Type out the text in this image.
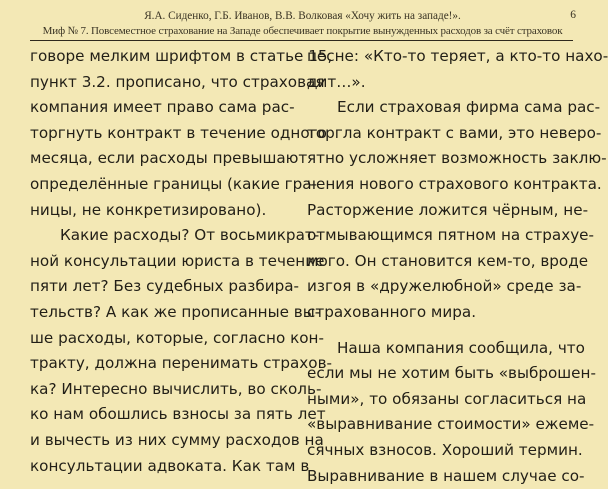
Я.А. Сиденко, Г.Б. Иванов, В.В. Волковая «Хочу жить на западе!».
Миф № 7. Повсеместное страхование на Западе обеспечивает покрытие вынужденных расходов за счёт страховок
6
говоре мелким шрифтом в статье 15,
пункт 3.2. прописано, что страховая
компания имеет право сама рас-
торгнуть контракт в течение одного
месяца, если расходы превышают
определённые границы (какие гра-
ницы, не конкретизировано).
Какие расходы? От восьмикрат-
ной консультации юриста в течение
пяти лет? Без судебных разбира-
тельств? А как же прописанные вы-
ше расходы, которые, согласно кон-
тракту, должна перенимать страхов-
ка? Интересно вычислить, во сколь-
ко нам обошлись взносы за пять лет
и вычесть из них сумму расходов на
консультации адвоката. Как там в
песне: «Кто-то теряет, а кто-то нахо-
дит…».
Если страховая фирма сама рас-
торгла контракт с вами, это неверо-
ятно усложняет возможность заклю-
чения нового страхового контракта.
Расторжение ложится чёрным, не-
отмывающимся пятном на страхуе-
мого. Он становится кем-то, вроде
изгоя в «дружелюбной» среде за-
страхованного мира.
Наша компания сообщила, что
если мы не хотим быть «выброшен-
ными», то обязаны согласиться на
«выравнивание стоимости» ежеме-
сячных взносов. Хороший термин.
Выравнивание в нашем случае со-
